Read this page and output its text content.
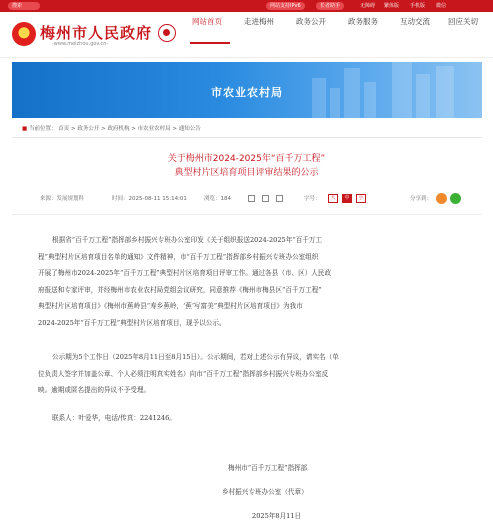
搜索	网站支持IPv6	长者助手	无障碍 繁体版 手机版 微信
梅州市人民政府
-www.meizhou.gov.cn-
网站首页	走进梅州	政务公开	政务服务	互动交流 回应关切
市农业农村局
■ 当前位置： 首页 > 政务公开 > 政府机构 > 市农业农村局 > 通知公告
关于梅州市2024-2025年“百千万工程”
典型村片区培育项目评审结果的公示
来源：发展规划科	时间：2025-08-11 15:14:01	浏览：184	字号：	大	中	小	分享到：
根据省“百千万工程”指挥部乡村振兴专班办公室印发《关于组织报送2024-2025年“百千万工
程”典型村片区培育项目名单的通知》文件精神，市“百千万工程”指挥部乡村振兴专班办公室组织
开展了梅州市2024-2025年“百千万工程”典型村片区培育项目评审工作。通过各县（市、区）人民政
府报送和专家评审，并经梅州市农业农村局党组会议研究，同意推荐《梅州市梅县区“百千万工程”
典型村片区培育项目》《梅州市蕉岭县“寿乡蕉岭，‘蕉’写富美”典型村片区培育项目》为我市
2024-2025年“百千万工程”典型村片区培育项目，现予以公示。
公示期为5个工作日（2025年8月11日至8月15日）。公示期间，若对上述公示有异议，请实名（单
位负责人签字并加盖公章、个人必须注明真实姓名）向市“百千万工程”指挥部乡村振兴专班办公室反
映。逾期或匿名提出的异议不予受理。
联系人：叶爱华，电话/传真：2241246。
梅州市“百千万工程”指挥部
乡村振兴专班办公室（代章）
2025年8月11日
